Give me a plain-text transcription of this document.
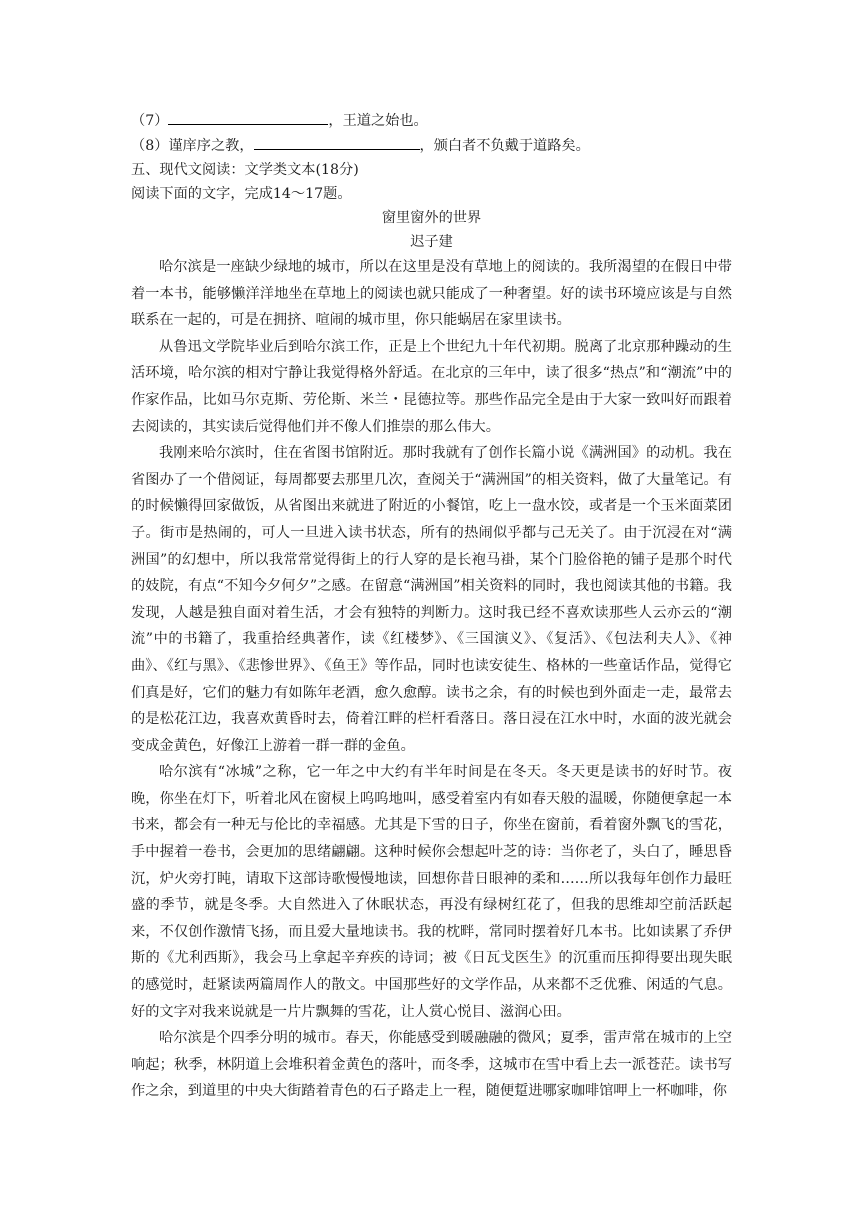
（7）	，王道之始也。
（8）谨庠序之教，	，颁白者不负戴于道路矣。
五、现代文阅读：文学类文本(18分)
阅读下面的文字，完成14～17题。
窗里窗外的世界
迟子建
哈尔滨是一座缺少绿地的城市，所以在这里是没有草地上的阅读的。我所渴望的在假日中带着一本书，能够懒洋洋地坐在草地上的阅读也就只能成了一种奢望。好的读书环境应该是与自然联系在一起的，可是在拥挤、喧闹的城市里，你只能蜗居在家里读书。
从鲁迅文学院毕业后到哈尔滨工作，正是上个世纪九十年代初期。脱离了北京那种躁动的生活环境，哈尔滨的相对宁静让我觉得格外舒适。在北京的三年中，读了很多“热点”和“潮流”中的作家作品，比如马尔克斯、劳伦斯、米兰・昆德拉等。那些作品完全是由于大家一致叫好而跟着去阅读的，其实读后觉得他们并不像人们推崇的那么伟大。
我刚来哈尔滨时，住在省图书馆附近。那时我就有了创作长篇小说《满洲国》的动机。我在省图办了一个借阅证，每周都要去那里几次，查阅关于“满洲国”的相关资料，做了大量笔记。有的时候懒得回家做饭，从省图出来就进了附近的小餐馆，吃上一盘水饺，或者是一个玉米面菜团子。街市是热闹的，可人一旦进入读书状态，所有的热闹似乎都与己无关了。由于沉浸在对“满洲国”的幻想中，所以我常常觉得街上的行人穿的是长袍马褂，某个门脸俗艳的铺子是那个时代的妓院，有点“不知今夕何夕”之感。在留意“满洲国”相关资料的同时，我也阅读其他的书籍。我发现，人越是独自面对着生活，才会有独特的判断力。这时我已经不喜欢读那些人云亦云的“潮流”中的书籍了，我重拾经典著作，读《红楼梦》、《三国演义》、《复活》、《包法利夫人》、《神曲》、《红与黑》、《悲惨世界》、《鱼王》等作品，同时也读安徒生、格林的一些童话作品，觉得它们真是好，它们的魅力有如陈年老酒，愈久愈醇。读书之余，有的时候也到外面走一走，最常去的是松花江边，我喜欢黄昏时去，倚着江畔的栏杆看落日。落日浸在江水中时，水面的波光就会变成金黄色，好像江上游着一群一群的金鱼。
哈尔滨有“冰城”之称，它一年之中大约有半年时间是在冬天。冬天更是读书的好时节。夜晚，你坐在灯下，听着北风在窗棂上呜呜地叫，感受着室内有如春天般的温暖，你随便拿起一本书来，都会有一种无与伦比的幸福感。尤其是下雪的日子，你坐在窗前，看着窗外飘飞的雪花，手中握着一卷书，会更加的思绪翩翩。这种时候你会想起叶芝的诗：当你老了，头白了，睡思昏沉，炉火旁打盹，请取下这部诗歌慢慢地读，回想你昔日眼神的柔和……所以我每年创作力最旺盛的季节，就是冬季。大自然进入了休眠状态，再没有绿树红花了，但我的思维却空前活跃起来，不仅创作激情飞扬，而且爱大量地读书。我的枕畔，常同时摆着好几本书。比如读累了乔伊斯的《尤利西斯》，我会马上拿起辛弃疾的诗词；被《日瓦戈医生》的沉重而压抑得要出现失眠的感觉时，赶紧读两篇周作人的散文。中国那些好的文学作品，从来都不乏优雅、闲适的气息。好的文字对我来说就是一片片飘舞的雪花，让人赏心悦目、滋润心田。
哈尔滨是个四季分明的城市。春天，你能感受到暖融融的微风；夏季，雷声常在城市的上空响起；秋季，林阴道上会堆积着金黄色的落叶，而冬季，这城市在雪中看上去一派苍茫。读书写作之余，到道里的中央大街踏着青色的石子路走上一程，随便踅进哪家咖啡馆呷上一杯咖啡，你
